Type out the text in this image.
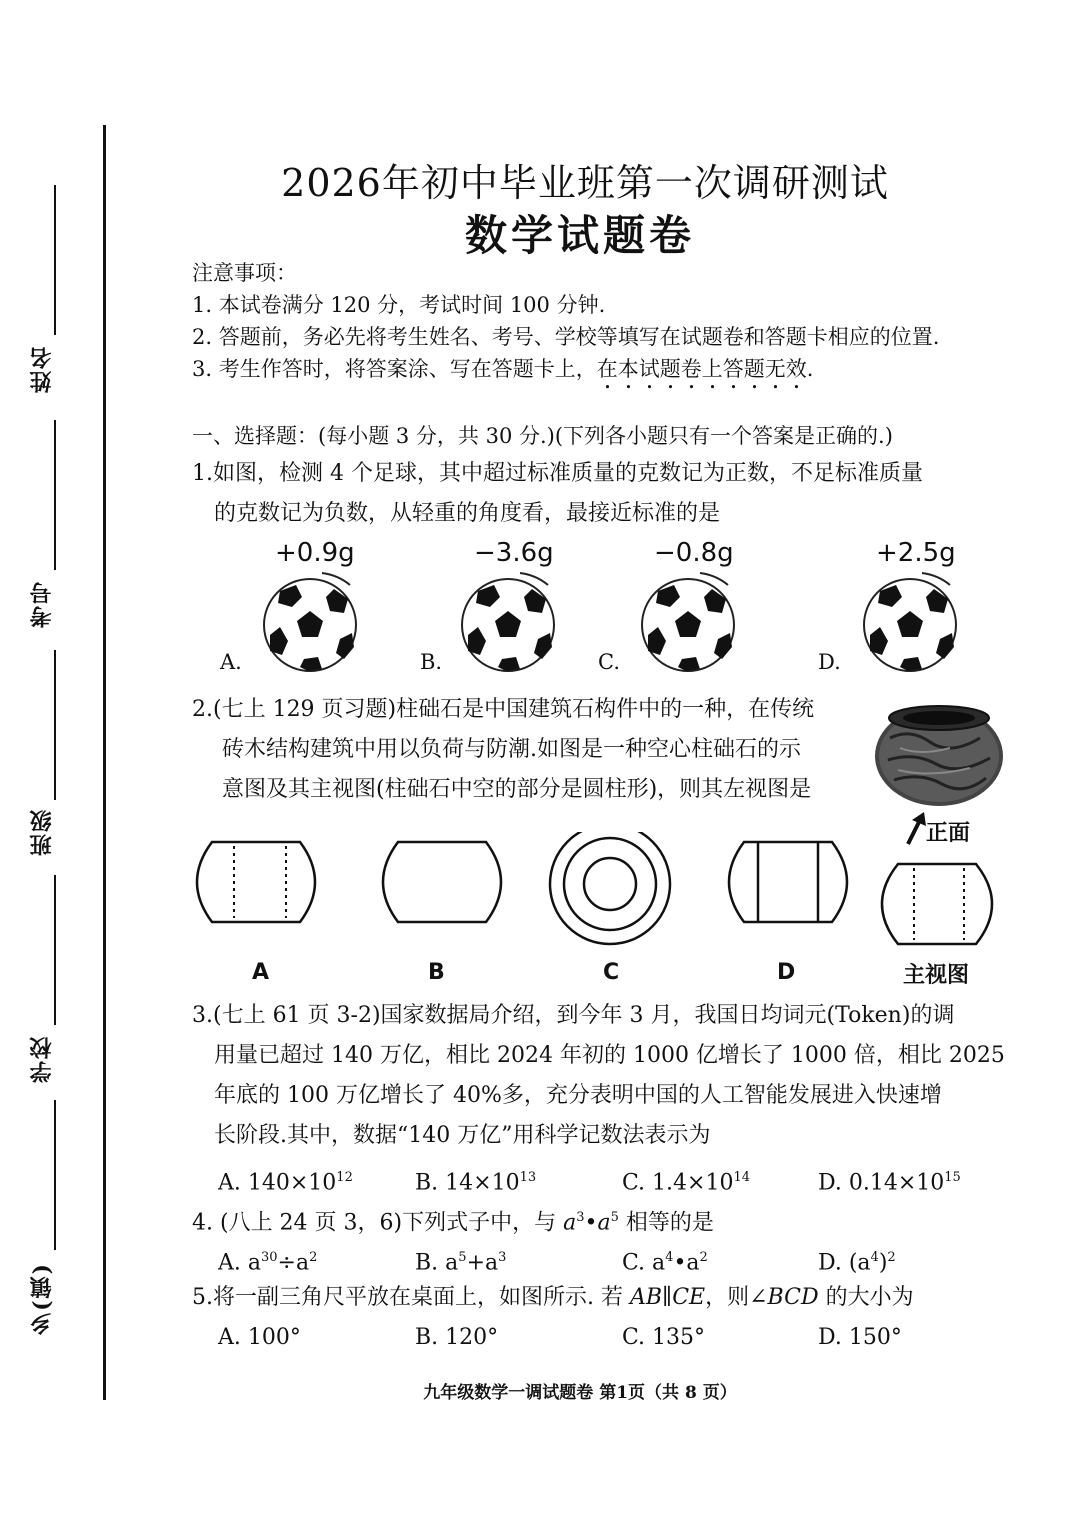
姓名
考号
班级
学校
乡(镇)
2026年初中毕业班第一次调研测试
数学试题卷
注意事项：
1. 本试卷满分 120 分，考试时间 100 分钟.
2. 答题前，务必先将考生姓名、考号、学校等填写在试题卷和答题卡相应的位置.
3. 考生作答时，将答案涂、写在答题卡上，在本试题卷上答题无效.
一、选择题：(每小题 3 分，共 30 分.)(下列各小题只有一个答案是正确的.)
1.如图，检测 4 个足球，其中超过标准质量的克数记为正数，不足标准质量
的克数记为负数，从轻重的角度看，最接近标准的是
+0.9g	−3.6g	−0.8g	+2.5g
A.	B.	C.	D.
2.(七上 129 页习题)柱础石是中国建筑石构件中的一种，在传统
砖木结构建筑中用以负荷与防潮.如图是一种空心柱础石的示
意图及其主视图(柱础石中空的部分是圆柱形)，则其左视图是
正面
A	B	C	D	主视图
3.(七上 61 页 3-2)国家数据局介绍，到今年 3 月，我国日均词元(Token)的调
用量已超过 140 万亿，相比 2024 年初的 1000 亿增长了 1000 倍，相比 2025
年底的 100 万亿增长了 40%多，充分表明中国的人工智能发展进入快速增
长阶段.其中，数据“140 万亿”用科学记数法表示为
A. $140\times 10^{12}$	B. $14\times 10^{13}$	C. $1.4\times 10^{14}$	D. $0.14\times 10^{15}$
4. (八上 24 页 3，6)下列式子中，与 $a^3•a^5$ 相等的是
A. $a^{30}\div a^2$	B. $a^5+a^3$	C. $a^4•a^2$	D. $(a^4)^2$
5.将一副三角尺平放在桌面上，如图所示. 若 AB∥CE，则∠BCD 的大小为
A. 100°	B. 120°	C. 135°	D. 150°
九年级数学一调试题卷 第1页（共 8 页）
